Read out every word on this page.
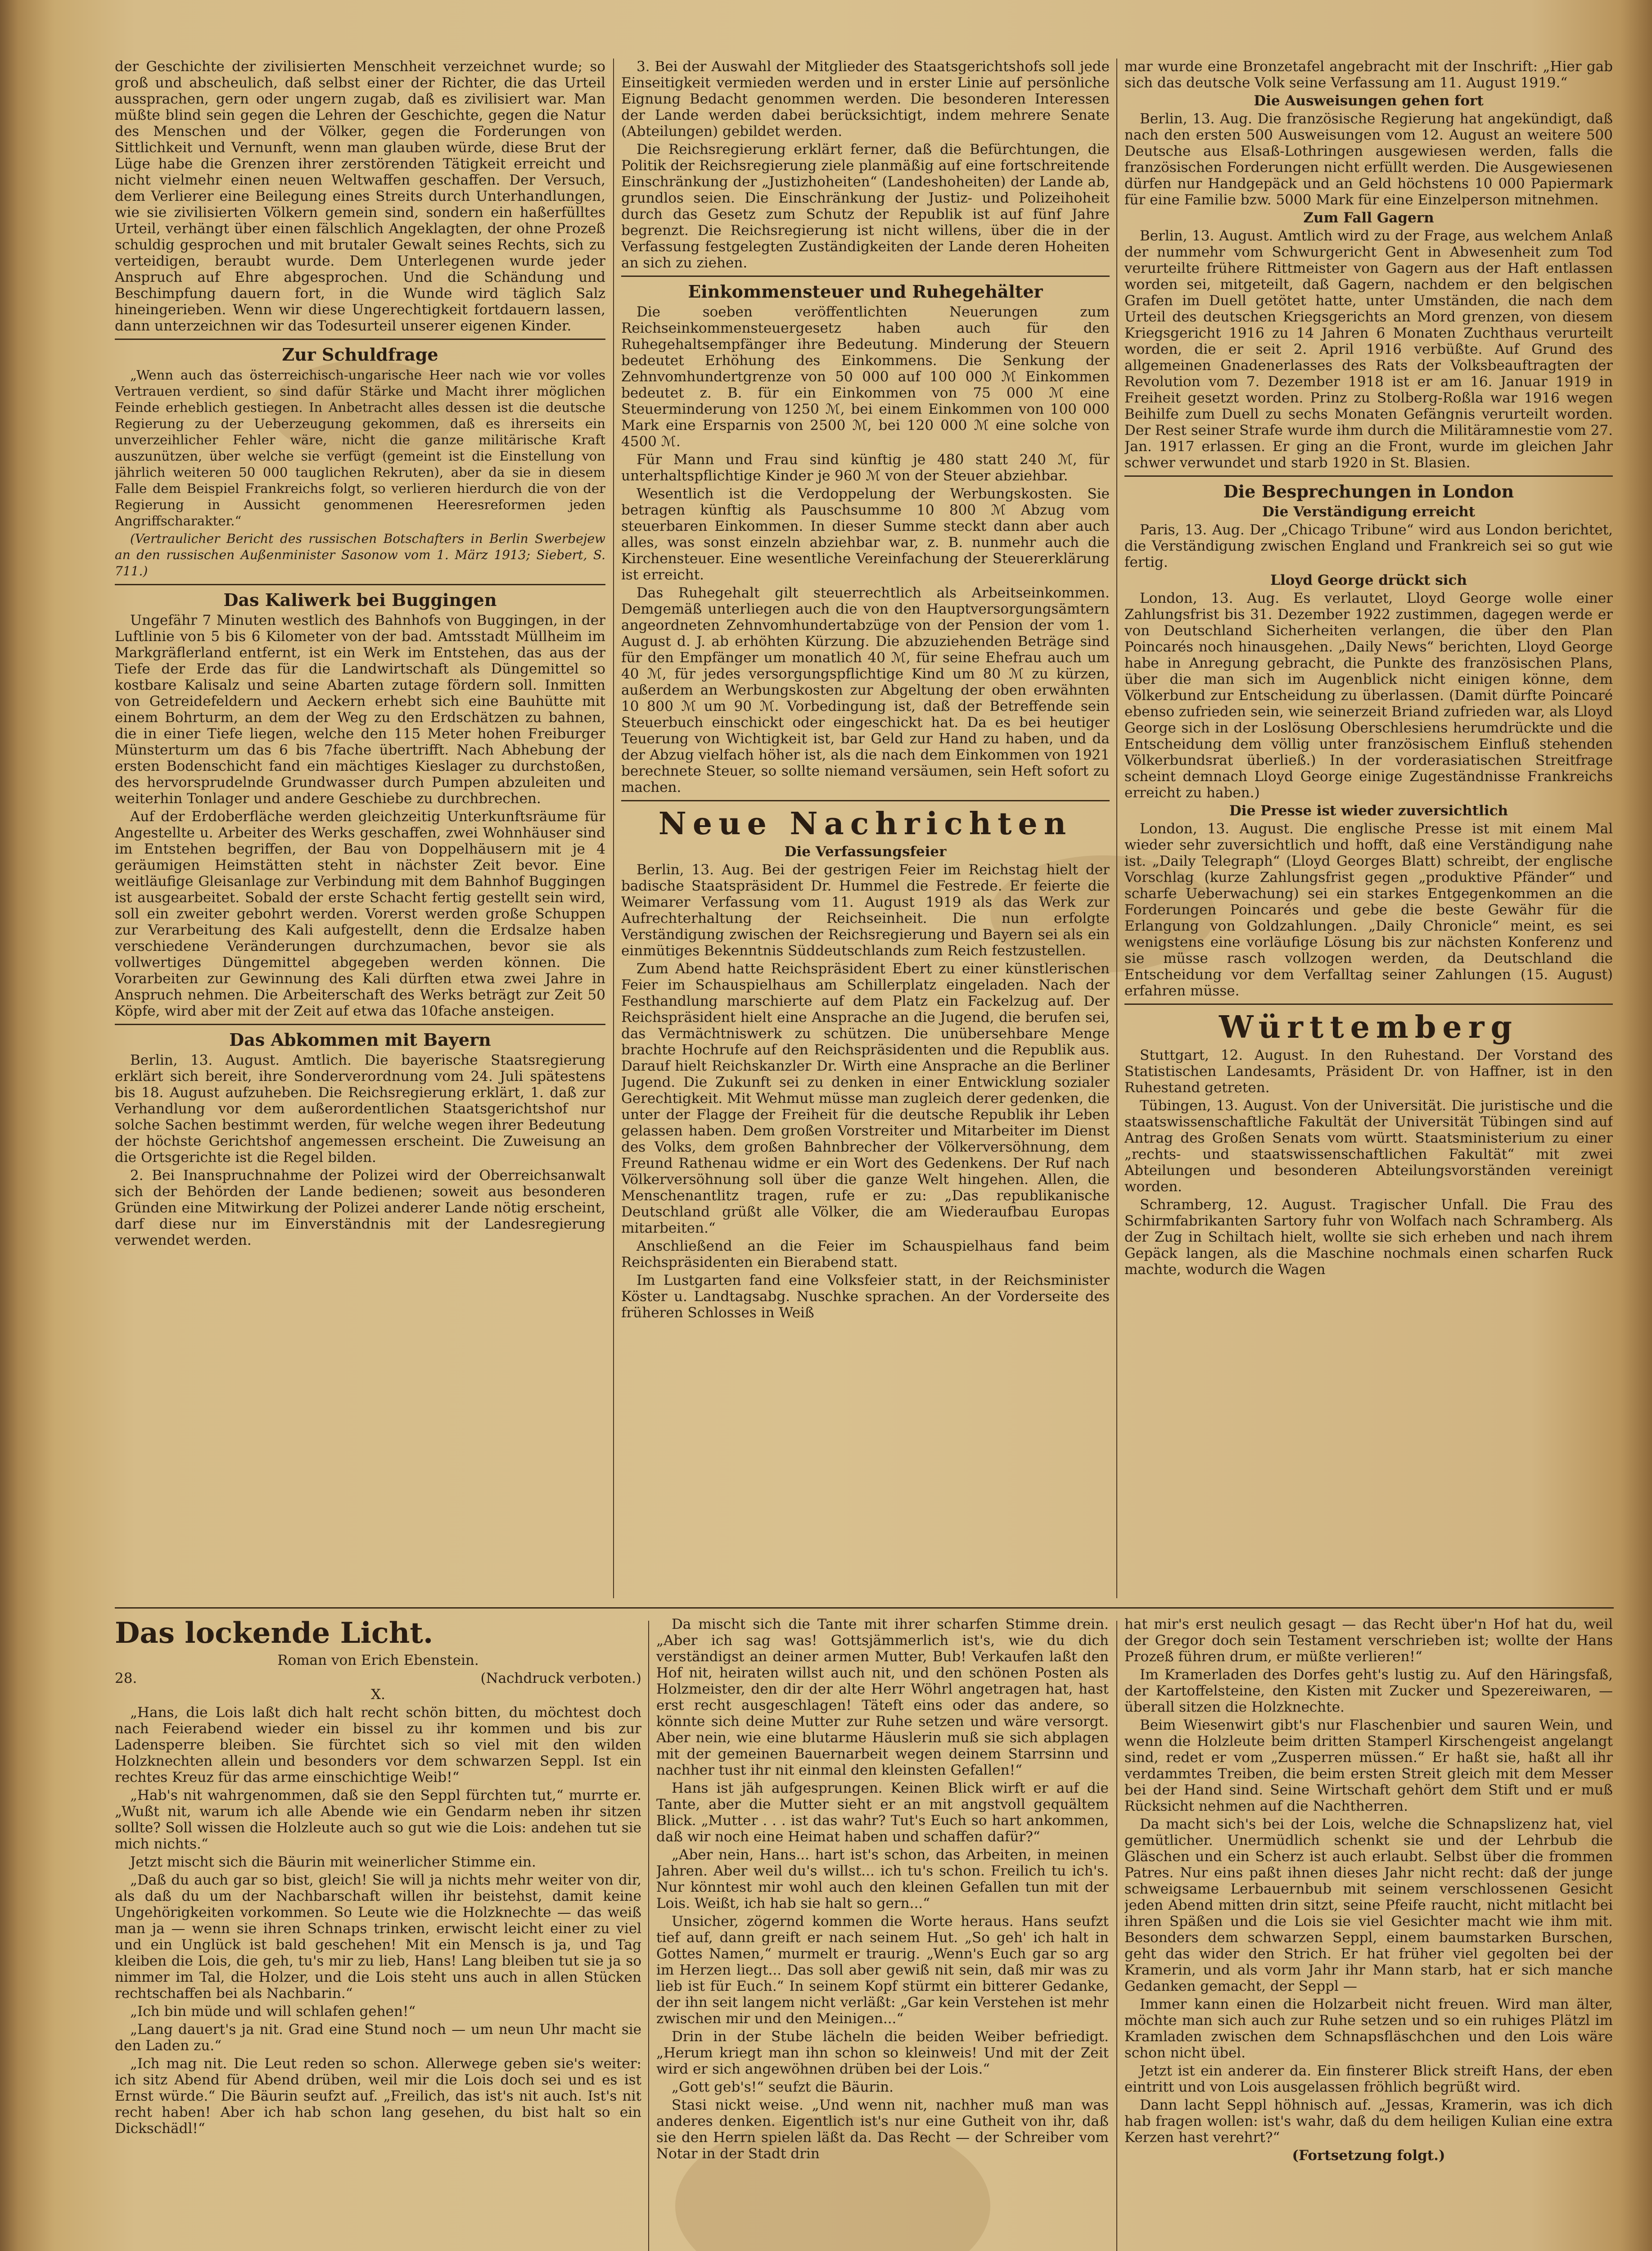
der Geschichte der zivilisierten Menschheit verzeichnet wurde; so groß und abscheulich, daß selbst einer der Richter, die das Urteil aussprachen, gern oder ungern zugab, daß es zivilisiert war. Man müßte blind sein gegen die Lehren der Geschichte, gegen die Natur des Menschen und der Völker, gegen die Forderungen von Sittlichkeit und Vernunft, wenn man glauben würde, diese Brut der Lüge habe die Grenzen ihrer zerstörenden Tätigkeit erreicht und nicht vielmehr einen neuen Weltwaffen geschaffen. Der Versuch, dem Verlierer eine Beilegung eines Streits durch Unterhandlungen, wie sie zivilisierten Völkern gemein sind, sondern ein haßerfülltes Urteil, verhängt über einen fälschlich Angeklagten, der ohne Prozeß schuldig gesprochen und mit brutaler Gewalt seines Rechts, sich zu verteidigen, beraubt wurde. Dem Unterlegenen wurde jeder Anspruch auf Ehre abgesprochen. Und die Schändung und Beschimpfung dauern fort, in die Wunde wird täglich Salz hineingerieben. Wenn wir diese Ungerechtigkeit fortdauern lassen, dann unterzeichnen wir das Todesurteil unserer eigenen Kinder.

Zur Schuldfrage

„Wenn auch das österreichisch-ungarische Heer nach wie vor volles Vertrauen verdient, so sind dafür Stärke und Macht ihrer möglichen Feinde erheblich gestiegen. In Anbetracht alles dessen ist die deutsche Regierung zu der Ueberzeugung gekommen, daß es ihrerseits ein unverzeihlicher Fehler wäre, nicht die ganze militärische Kraft auszunützen, über welche sie verfügt (gemeint ist die Einstellung von jährlich weiteren 50 000 tauglichen Rekruten), aber da sie in diesem Falle dem Beispiel Frankreichs folgt, so verlieren hierdurch die von der Regierung in Aussicht genommenen Heeresreformen jeden Angriffscharakter.“

(Vertraulicher Bericht des russischen Botschafters in Berlin Swerbejew an den russischen Außenminister Sasonow vom 1. März 1913; Siebert, S. 711.)

Das Kaliwerk bei Buggingen

Ungefähr 7 Minuten westlich des Bahnhofs von Buggingen, in der Luftlinie von 5 bis 6 Kilometer von der bad. Amtsstadt Müllheim im Markgräflerland entfernt, ist ein Werk im Entstehen, das aus der Tiefe der Erde das für die Landwirtschaft als Düngemittel so kostbare Kalisalz und seine Abarten zutage fördern soll. Inmitten von Getreidefeldern und Aeckern erhebt sich eine Bauhütte mit einem Bohrturm, an dem der Weg zu den Erdschätzen zu bahnen, die in einer Tiefe liegen, welche den 115 Meter hohen Freiburger Münsterturm um das 6 bis 7fache übertrifft. Nach Abhebung der ersten Bodenschicht fand ein mächtiges Kieslager zu durchstoßen, des hervorsprudelnde Grundwasser durch Pumpen abzuleiten und weiterhin Tonlager und andere Geschiebe zu durchbrechen.

Auf der Erdoberfläche werden gleichzeitig Unterkunftsräume für Angestellte u. Arbeiter des Werks geschaffen, zwei Wohnhäuser sind im Entstehen begriffen, der Bau von Doppelhäusern mit je 4 geräumigen Heimstätten steht in nächster Zeit bevor. Eine weitläufige Gleisanlage zur Verbindung mit dem Bahnhof Buggingen ist ausgearbeitet. Sobald der erste Schacht fertig gestellt sein wird, soll ein zweiter gebohrt werden. Vorerst werden große Schuppen zur Verarbeitung des Kali aufgestellt, denn die Erdsalze haben verschiedene Veränderungen durchzumachen, bevor sie als vollwertiges Düngemittel abgegeben werden können. Die Vorarbeiten zur Gewinnung des Kali dürften etwa zwei Jahre in Anspruch nehmen. Die Arbeiterschaft des Werks beträgt zur Zeit 50 Köpfe, wird aber mit der Zeit auf etwa das 10fache ansteigen.

Das Abkommen mit Bayern

Berlin, 13. August. Amtlich. Die bayerische Staatsregierung erklärt sich bereit, ihre Sonderverordnung vom 24. Juli spätestens bis 18. August aufzuheben. Die Reichsregierung erklärt, 1. daß zur Verhandlung vor dem außerordentlichen Staatsgerichtshof nur solche Sachen bestimmt werden, für welche wegen ihrer Bedeutung der höchste Gerichtshof angemessen erscheint. Die Zuweisung an die Ortsgerichte ist die Regel bilden.

2. Bei Inanspruchnahme der Polizei wird der Oberreichsanwalt sich der Behörden der Lande bedienen; soweit aus besonderen Gründen eine Mitwirkung der Polizei anderer Lande nötig erscheint, darf diese nur im Einverständnis mit der Landesregierung verwendet werden.

3. Bei der Auswahl der Mitglieder des Staatsgerichtshofs soll jede Einseitigkeit vermieden werden und in erster Linie auf persönliche Eignung Bedacht genommen werden. Die besonderen Interessen der Lande werden dabei berücksichtigt, indem mehrere Senate (Abteilungen) gebildet werden.

Die Reichsregierung erklärt ferner, daß die Befürchtungen, die Politik der Reichsregierung ziele planmäßig auf eine fortschreitende Einschränkung der „Justizhoheiten“ (Landeshoheiten) der Lande ab, grundlos seien. Die Einschränkung der Justiz- und Polizeihoheit durch das Gesetz zum Schutz der Republik ist auf fünf Jahre begrenzt. Die Reichsregierung ist nicht willens, über die in der Verfassung festgelegten Zuständigkeiten der Lande deren Hoheiten an sich zu ziehen.

Einkommensteuer und Ruhegehälter

Die soeben veröffentlichten Neuerungen zum Reichseinkommensteuergesetz haben auch für den Ruhegehaltsempfänger ihre Bedeutung. Minderung der Steuern bedeutet Erhöhung des Einkommens. Die Senkung der Zehnvomhundertgrenze von 50 000 auf 100 000 ℳ Einkommen bedeutet z. B. für ein Einkommen von 75 000 ℳ eine Steuerminderung von 1250 ℳ, bei einem Einkommen von 100 000 Mark eine Ersparnis von 2500 ℳ, bei 120 000 ℳ eine solche von 4500 ℳ.

Für Mann und Frau sind künftig je 480 statt 240 ℳ, für unterhaltspflichtige Kinder je 960 ℳ von der Steuer abziehbar.

Wesentlich ist die Verdoppelung der Werbungskosten. Sie betragen künftig als Pauschsumme 10 800 ℳ Abzug vom steuerbaren Einkommen. In dieser Summe steckt dann aber auch alles, was sonst einzeln abziehbar war, z. B. nunmehr auch die Kirchensteuer. Eine wesentliche Vereinfachung der Steuererklärung ist erreicht.

Das Ruhegehalt gilt steuerrechtlich als Arbeitseinkommen. Demgemäß unterliegen auch die von den Hauptversorgungsämtern angeordneten Zehnvomhundertabzüge von der Pension der vom 1. August d. J. ab erhöhten Kürzung. Die abzuziehenden Beträge sind für den Empfänger um monatlich 40 ℳ, für seine Ehefrau auch um 40 ℳ, für jedes versorgungspflichtige Kind um 80 ℳ zu kürzen, außerdem an Werbungskosten zur Abgeltung der oben erwähnten 10 800 ℳ um 90 ℳ. Vorbedingung ist, daß der Betreffende sein Steuerbuch einschickt oder eingeschickt hat. Da es bei heutiger Teuerung von Wichtigkeit ist, bar Geld zur Hand zu haben, und da der Abzug vielfach höher ist, als die nach dem Einkommen von 1921 berechnete Steuer, so sollte niemand versäumen, sein Heft sofort zu machen.

Neue Nachrichten

Die Verfassungsfeier

Berlin, 13. Aug. Bei der gestrigen Feier im Reichstag hielt der badische Staatspräsident Dr. Hummel die Festrede. Er feierte die Weimarer Verfassung vom 11. August 1919 als das Werk zur Aufrechterhaltung der Reichseinheit. Die nun erfolgte Verständigung zwischen der Reichsregierung und Bayern sei als ein einmütiges Bekenntnis Süddeutschlands zum Reich festzustellen.

Zum Abend hatte Reichspräsident Ebert zu einer künstlerischen Feier im Schauspielhaus am Schillerplatz eingeladen. Nach der Festhandlung marschierte auf dem Platz ein Fackelzug auf. Der Reichspräsident hielt eine Ansprache an die Jugend, die berufen sei, das Vermächtniswerk zu schützen. Die unübersehbare Menge brachte Hochrufe auf den Reichspräsidenten und die Republik aus. Darauf hielt Reichskanzler Dr. Wirth eine Ansprache an die Berliner Jugend. Die Zukunft sei zu denken in einer Entwicklung sozialer Gerechtigkeit. Mit Wehmut müsse man zugleich derer gedenken, die unter der Flagge der Freiheit für die deutsche Republik ihr Leben gelassen haben. Dem großen Vorstreiter und Mitarbeiter im Dienst des Volks, dem großen Bahnbrecher der Völkerversöhnung, dem Freund Rathenau widme er ein Wort des Gedenkens. Der Ruf nach Völkerversöhnung soll über die ganze Welt hingehen. Allen, die Menschenantlitz tragen, rufe er zu: „Das republikanische Deutschland grüßt alle Völker, die am Wiederaufbau Europas mitarbeiten.“

Anschließend an die Feier im Schauspielhaus fand beim Reichspräsidenten ein Bierabend statt.

Im Lustgarten fand eine Volksfeier statt, in der Reichsminister Köster u. Landtagsabg. Nuschke sprachen. An der Vorderseite des früheren Schlosses in Weiß

mar wurde eine Bronzetafel angebracht mit der Inschrift: „Hier gab sich das deutsche Volk seine Verfassung am 11. August 1919.“

Die Ausweisungen gehen fort

Berlin, 13. Aug. Die französische Regierung hat angekündigt, daß nach den ersten 500 Ausweisungen vom 12. August an weitere 500 Deutsche aus Elsaß-Lothringen ausgewiesen werden, falls die französischen Forderungen nicht erfüllt werden. Die Ausgewiesenen dürfen nur Handgepäck und an Geld höchstens 10 000 Papiermark für eine Familie bzw. 5000 Mark für eine Einzelperson mitnehmen.

Zum Fall Gagern

Berlin, 13. August. Amtlich wird zu der Frage, aus welchem Anlaß der nummehr vom Schwurgericht Gent in Abwesenheit zum Tod verurteilte frühere Rittmeister von Gagern aus der Haft entlassen worden sei, mitgeteilt, daß Gagern, nachdem er den belgischen Grafen im Duell getötet hatte, unter Umständen, die nach dem Urteil des deutschen Kriegsgerichts an Mord grenzen, von diesem Kriegsgericht 1916 zu 14 Jahren 6 Monaten Zuchthaus verurteilt worden, die er seit 2. April 1916 verbüßte. Auf Grund des allgemeinen Gnadenerlasses des Rats der Volksbeauftragten der Revolution vom 7. Dezember 1918 ist er am 16. Januar 1919 in Freiheit gesetzt worden. Prinz zu Stolberg-Roßla war 1916 wegen Beihilfe zum Duell zu sechs Monaten Gefängnis verurteilt worden. Der Rest seiner Strafe wurde ihm durch die Militäramnestie vom 27. Jan. 1917 erlassen. Er ging an die Front, wurde im gleichen Jahr schwer verwundet und starb 1920 in St. Blasien.

Die Besprechungen in London

Die Verständigung erreicht

Paris, 13. Aug. Der „Chicago Tribune“ wird aus London berichtet, die Verständigung zwischen England und Frankreich sei so gut wie fertig.

Lloyd George drückt sich

London, 13. Aug. Es verlautet, Lloyd George wolle einer Zahlungsfrist bis 31. Dezember 1922 zustimmen, dagegen werde er von Deutschland Sicherheiten verlangen, die über den Plan Poincarés noch hinausgehen. „Daily News“ berichten, Lloyd George habe in Anregung gebracht, die Punkte des französischen Plans, über die man sich im Augenblick nicht einigen könne, dem Völkerbund zur Entscheidung zu überlassen. (Damit dürfte Poincaré ebenso zufrieden sein, wie seinerzeit Briand zufrieden war, als Lloyd George sich in der Loslösung Oberschlesiens herumdrückte und die Entscheidung dem völlig unter französischem Einfluß stehenden Völkerbundsrat überließ.) In der vorderasiatischen Streitfrage scheint demnach Lloyd George einige Zugeständnisse Frankreichs erreicht zu haben.)

Die Presse ist wieder zuversichtlich

London, 13. August. Die englische Presse ist mit einem Mal wieder sehr zuversichtlich und hofft, daß eine Verständigung nahe ist. „Daily Telegraph“ (Lloyd Georges Blatt) schreibt, der englische Vorschlag (kurze Zahlungsfrist gegen „produktive Pfänder“ und scharfe Ueberwachung) sei ein starkes Entgegenkommen an die Forderungen Poincarés und gebe die beste Gewähr für die Erlangung von Goldzahlungen. „Daily Chronicle“ meint, es sei wenigstens eine vorläufige Lösung bis zur nächsten Konferenz und sie müsse rasch vollzogen werden, da Deutschland die Entscheidung vor dem Verfalltag seiner Zahlungen (15. August) erfahren müsse.

Württemberg

Stuttgart, 12. August. In den Ruhestand. Der Vorstand des Statistischen Landesamts, Präsident Dr. von Haffner, ist in den Ruhestand getreten.

Tübingen, 13. August. Von der Universität. Die juristische und die staatswissenschaftliche Fakultät der Universität Tübingen sind auf Antrag des Großen Senats vom württ. Staatsministerium zu einer „rechts- und staatswissenschaftlichen Fakultät“ mit zwei Abteilungen und besonderen Abteilungsvorständen vereinigt worden.

Schramberg, 12. August. Tragischer Unfall. Die Frau des Schirmfabrikanten Sartory fuhr von Wolfach nach Schramberg. Als der Zug in Schiltach hielt, wollte sie sich erheben und nach ihrem Gepäck langen, als die Maschine nochmals einen scharfen Ruck machte, wodurch die Wagen

Das lockende Licht.

Roman von Erich Ebenstein.

28.	(Nachdruck verboten.)

X.

„Hans, die Lois laßt dich halt recht schön bitten, du möchtest doch nach Feierabend wieder ein bissel zu ihr kommen und bis zur Ladensperre bleiben. Sie fürchtet sich so viel mit den wilden Holzknechten allein und besonders vor dem schwarzen Seppl. Ist ein rechtes Kreuz für das arme einschichtige Weib!“

„Hab's nit wahrgenommen, daß sie den Seppl fürchten tut,“ murrte er. „Wußt nit, warum ich alle Abende wie ein Gendarm neben ihr sitzen sollte? Soll wissen die Holzleute auch so gut wie die Lois: andehen tut sie mich nichts.“

Jetzt mischt sich die Bäurin mit weinerlicher Stimme ein.

„Daß du auch gar so bist, gleich! Sie will ja nichts mehr weiter von dir, als daß du um der Nachbarschaft willen ihr beistehst, damit keine Ungehörigkeiten vorkommen. So Leute wie die Holzknechte — das weiß man ja — wenn sie ihren Schnaps trinken, erwischt leicht einer zu viel und ein Unglück ist bald geschehen! Mit ein Mensch is ja, und Tag kleiben die Lois, die geh, tu's mir zu lieb, Hans! Lang bleiben tut sie ja so nimmer im Tal, die Holzer, und die Lois steht uns auch in allen Stücken rechtschaffen bei als Nachbarin.“

„Ich bin müde und will schlafen gehen!“

„Lang dauert's ja nit. Grad eine Stund noch — um neun Uhr macht sie den Laden zu.“

„Ich mag nit. Die Leut reden so schon. Allerwege geben sie's weiter: ich sitz Abend für Abend drüben, weil mir die Lois doch sei und es ist Ernst würde.“ Die Bäurin seufzt auf. „Freilich, das ist's nit auch. Ist's nit recht haben! Aber ich hab schon lang gesehen, du bist halt so ein Dickschädl!“

Da mischt sich die Tante mit ihrer scharfen Stimme drein. „Aber ich sag was! Gottsjämmerlich ist's, wie du dich verständigst an deiner armen Mutter, Bub! Verkaufen laßt den Hof nit, heiraten willst auch nit, und den schönen Posten als Holzmeister, den dir der alte Herr Wöhrl angetragen hat, hast erst recht ausgeschlagen! Täteft eins oder das andere, so könnte sich deine Mutter zur Ruhe setzen und wäre versorgt. Aber nein, wie eine blutarme Häuslerin muß sie sich abplagen mit der gemeinen Bauernarbeit wegen deinem Starrsinn und nachher tust ihr nit einmal den kleinsten Gefallen!“

Hans ist jäh aufgesprungen. Keinen Blick wirft er auf die Tante, aber die Mutter sieht er an mit angstvoll gequältem Blick. „Mutter . . . ist das wahr? Tut's Euch so hart ankommen, daß wir noch eine Heimat haben und schaffen dafür?“

„Aber nein, Hans... hart ist's schon, das Arbeiten, in meinen Jahren. Aber weil du's willst... ich tu's schon. Freilich tu ich's. Nur könntest mir wohl auch den kleinen Gefallen tun mit der Lois. Weißt, ich hab sie halt so gern...“

Unsicher, zögernd kommen die Worte heraus. Hans seufzt tief auf, dann greift er nach seinem Hut. „So geh' ich halt in Gottes Namen,“ murmelt er traurig. „Wenn's Euch gar so arg im Herzen liegt... Das soll aber gewiß nit sein, daß mir was zu lieb ist für Euch.“ In seinem Kopf stürmt ein bitterer Gedanke, der ihn seit langem nicht verläßt: „Gar kein Verstehen ist mehr zwischen mir und den Meinigen...“

Drin in der Stube lächeln die beiden Weiber befriedigt. „Herum kriegt man ihn schon so kleinweis! Und mit der Zeit wird er sich angewöhnen drüben bei der Lois.“

„Gott geb's!“ seufzt die Bäurin.

Stasi nickt weise. „Und wenn nit, nachher muß man was anderes denken. Eigentlich ist's nur eine Gutheit von ihr, daß sie den Herrn spielen läßt da. Das Recht — der Schreiber vom Notar in der Stadt drin

hat mir's erst neulich gesagt — das Recht über'n Hof hat du, weil der Gregor doch sein Testament verschrieben ist; wollte der Hans Prozeß führen drum, er müßte verlieren!“

Im Kramerladen des Dorfes geht's lustig zu. Auf den Häringsfaß, der Kartoffelsteine, den Kisten mit Zucker und Spezereiwaren, — überall sitzen die Holzknechte.

Beim Wiesenwirt gibt's nur Flaschenbier und sauren Wein, und wenn die Holzleute beim dritten Stamperl Kirschengeist angelangt sind, redet er vom „Zusperren müssen.“ Er haßt sie, haßt all ihr verdammtes Treiben, die beim ersten Streit gleich mit dem Messer bei der Hand sind. Seine Wirtschaft gehört dem Stift und er muß Rücksicht nehmen auf die Nachtherren.

Da macht sich's bei der Lois, welche die Schnapslizenz hat, viel gemütlicher. Unermüdlich schenkt sie und der Lehrbub die Gläschen und ein Scherz ist auch erlaubt. Selbst über die frommen Patres. Nur eins paßt ihnen dieses Jahr nicht recht: daß der junge schweigsame Lerbauernbub mit seinem verschlossenen Gesicht jeden Abend mitten drin sitzt, seine Pfeife raucht, nicht mitlacht bei ihren Späßen und die Lois sie viel Gesichter macht wie ihm mit. Besonders dem schwarzen Seppl, einem baumstarken Burschen, geht das wider den Strich. Er hat früher viel gegolten bei der Kramerin, und als vorm Jahr ihr Mann starb, hat er sich manche Gedanken gemacht, der Seppl —

Immer kann einen die Holzarbeit nicht freuen. Wird man älter, möchte man sich auch zur Ruhe setzen und so ein ruhiges Plätzl im Kramladen zwischen dem Schnapsfläschchen und den Lois wäre schon nicht übel.

Jetzt ist ein anderer da. Ein finsterer Blick streift Hans, der eben eintritt und von Lois ausgelassen fröhlich begrüßt wird.

Dann lacht Seppl höhnisch auf. „Jessas, Kramerin, was ich dich hab fragen wollen: ist's wahr, daß du dem heiligen Kulian eine extra Kerzen hast verehrt?“

(Fortsetzung folgt.)
